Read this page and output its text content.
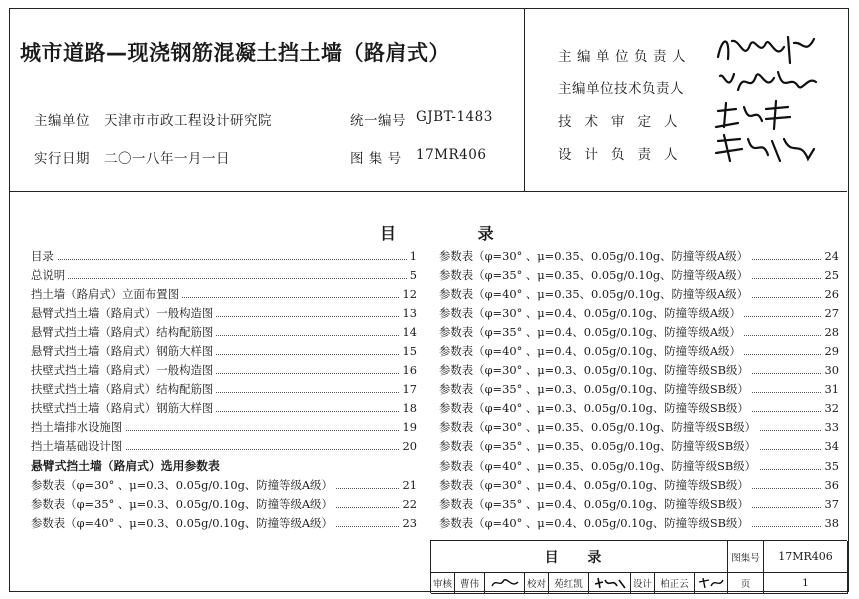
城市道路—现浇钢筋混凝土挡土墙（路肩式）
主编单位 天津市市政工程设计研究院	统一编号 GJBT-1483
实行日期 二〇一八年一月一日	图 集 号 17MR406
主编单位负责人
主编单位技术负责人
技术审定人
设计负责人
目 录
目录	1
总说明	5
挡土墙（路肩式）立面布置图	12
悬臂式挡土墙（路肩式）一般构造图	13
悬臂式挡土墙（路肩式）结构配筋图	14
悬臂式挡土墙（路肩式）钢筋大样图	15
扶壁式挡土墙（路肩式）一般构造图	16
扶壁式挡土墙（路肩式）结构配筋图	17
扶壁式挡土墙（路肩式）钢筋大样图	18
挡土墙排水设施图	19
挡土墙基础设计图	20
悬臂式挡土墙（路肩式）选用参数表
参数表（φ=30° 、μ=0.3、0.05g/0.10g、防撞等级A级）	21
参数表（φ=35° 、μ=0.3、0.05g/0.10g、防撞等级A级）	22
参数表（φ=40° 、μ=0.3、0.05g/0.10g、防撞等级A级）	23
参数表（φ=30° 、μ=0.35、0.05g/0.10g、防撞等级A级）	24
参数表（φ=35° 、μ=0.35、0.05g/0.10g、防撞等级A级）	25
参数表（φ=40° 、μ=0.35、0.05g/0.10g、防撞等级A级）	26
参数表（φ=30° 、μ=0.4、0.05g/0.10g、防撞等级A级）	27
参数表（φ=35° 、μ=0.4、0.05g/0.10g、防撞等级A级）	28
参数表（φ=40° 、μ=0.4、0.05g/0.10g、防撞等级A级）	29
参数表（φ=30° 、μ=0.3、0.05g/0.10g、防撞等级SB级）	30
参数表（φ=35° 、μ=0.3、0.05g/0.10g、防撞等级SB级）	31
参数表（φ=40° 、μ=0.3、0.05g/0.10g、防撞等级SB级）	32
参数表（φ=30° 、μ=0.35、0.05g/0.10g、防撞等级SB级）	33
参数表（φ=35° 、μ=0.35、0.05g/0.10g、防撞等级SB级）	34
参数表（φ=40° 、μ=0.35、0.05g/0.10g、防撞等级SB级）	35
参数表（φ=30° 、μ=0.4、0.05g/0.10g、防撞等级SB级）	36
参数表（φ=35° 、μ=0.4、0.05g/0.10g、防撞等级SB级）	37
参数表（φ=40° 、μ=0.4、0.05g/0.10g、防撞等级SB级）	38
目 录	图集号	17MR406
审核 曹伟	校对 苑红凯	设计 柏正云	页	1
